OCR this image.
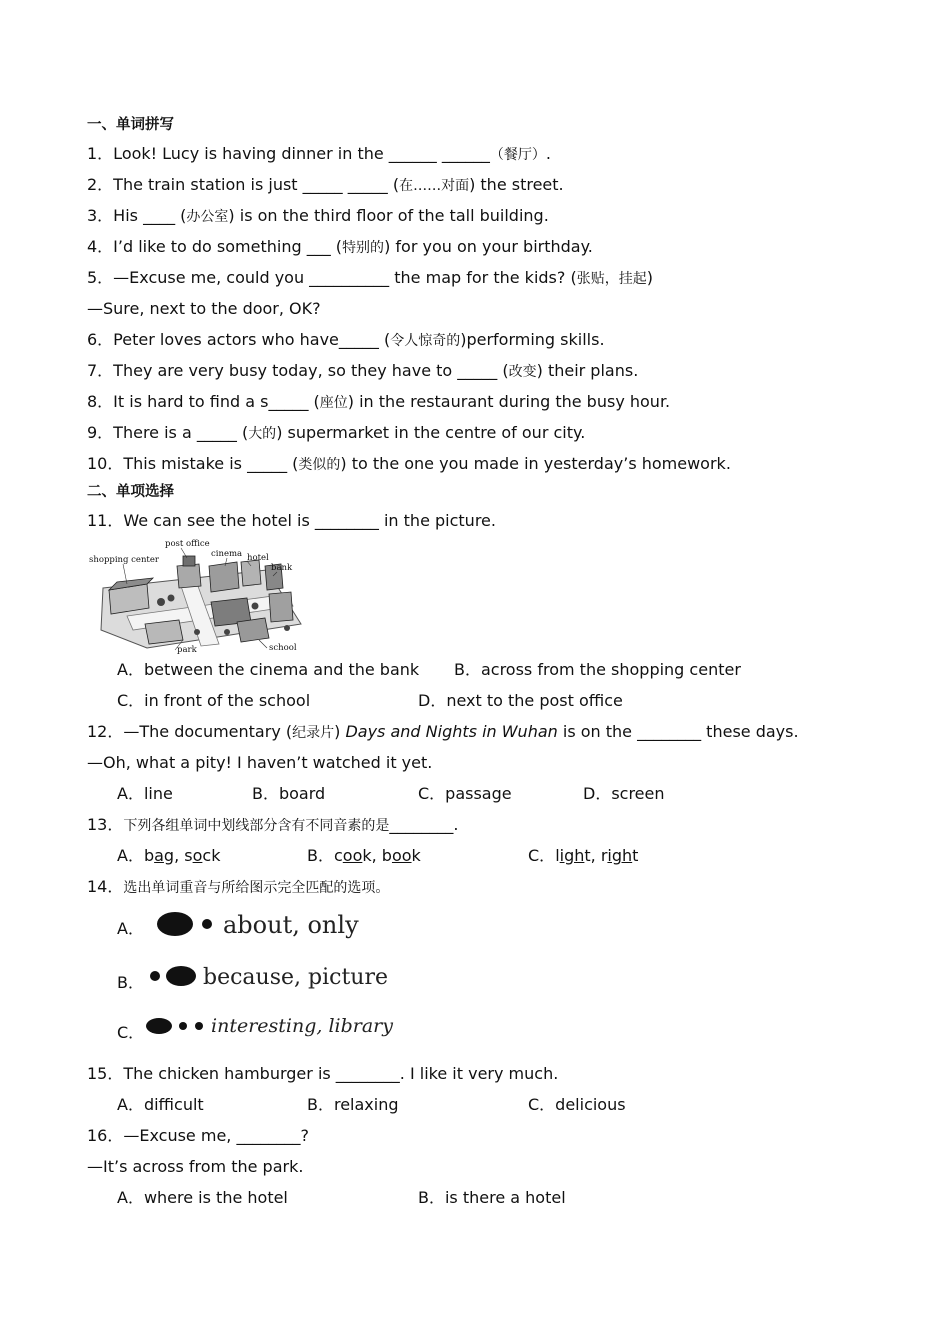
一、单词拼写
1．Look! Lucy is having dinner in the ______ ______（餐厅）.
2．The train station is just _____ _____ (在……对面) the street.
3．His ____ (办公室) is on the third floor of the tall building.
4．I’d like to do something ___ (特别的) for you on your birthday.
5．—Excuse me, could you __________ the map for the kids? (张贴，挂起)
—Sure, next to the door, OK?
6．Peter loves actors who have_____ (令人惊奇的)performing skills.
7．They are very busy today, so they have to _____ (改变) their plans.
8．It is hard to find a s_____ (座位) in the restaurant during the busy hour.
9．There is a _____ (大的) supermarket in the centre of our city.
10．This mistake is _____ (类似的) to the one you made in yesterday’s homework.
二、单项选择
11．We can see the hotel is ________ in the picture.
shopping center
post office
cinema hotel
bank
park	school
A．between the cinema and the bank B．across from the shopping center
C．in front of the school	D．next to the post office
12．—The documentary (纪录片) Days and Nights in Wuhan is on the ________ these days.
—Oh, what a pity! I haven’t watched it yet.
A．line	B．board	C．passage	D．screen
13．下列各组单词中划线部分含有不同音素的是________.
A．bag, sock	B．cook, book	C．light, right
14．选出单词重音与所给图示完全匹配的选项。
A．	about, only
B．	because, picture
C．	interesting, library
15．The chicken hamburger is ________. I like it very much.
A．difficult	B．relaxing	C．delicious
16．—Excuse me, ________?
—It’s across from the park.
A．where is the hotel	B．is there a hotel
